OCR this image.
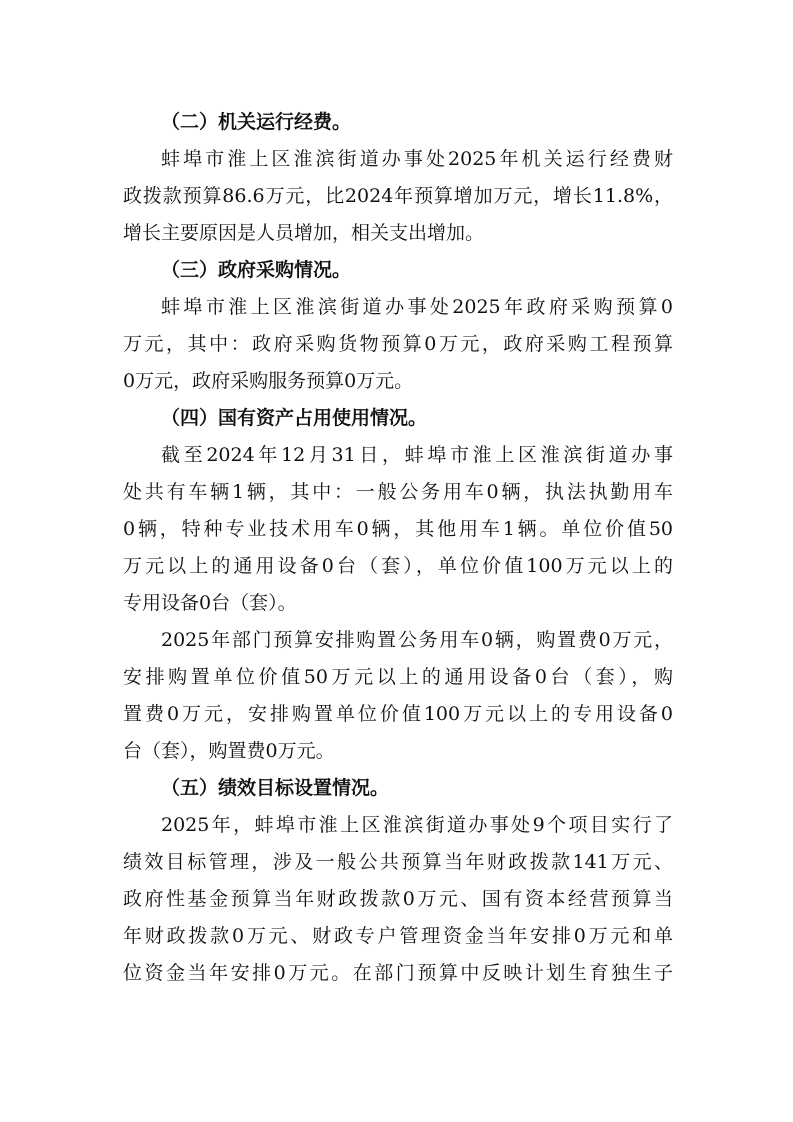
（二）机关运行经费。

蚌埠市淮上区淮滨街道办事处2025年机关运行经费财
政拨款预算86.6万元，比2024年预算增加万元，增长11.8%，
增长主要原因是人员增加，相关支出增加。

（三）政府采购情况。

蚌埠市淮上区淮滨街道办事处2025年政府采购预算0
万元，其中：政府采购货物预算0万元，政府采购工程预算
0万元，政府采购服务预算0万元。

（四）国有资产占用使用情况。

截至2024年12月31日，蚌埠市淮上区淮滨街道办事
处共有车辆1辆，其中：一般公务用车0辆，执法执勤用车
0辆，特种专业技术用车0辆，其他用车1辆。单位价值50
万元以上的通用设备0台（套），单位价值100万元以上的
专用设备0台（套）。

2025年部门预算安排购置公务用车0辆，购置费0万元，
安排购置单位价值50万元以上的通用设备0台（套），购
置费0万元，安排购置单位价值100万元以上的专用设备0
台（套），购置费0万元。

（五）绩效目标设置情况。

2025年，蚌埠市淮上区淮滨街道办事处9个项目实行了
绩效目标管理，涉及一般公共预算当年财政拨款141万元、
政府性基金预算当年财政拨款0万元、国有资本经营预算当
年财政拨款0万元、财政专户管理资金当年安排0万元和单
位资金当年安排0万元。在部门预算中反映计划生育独生子
